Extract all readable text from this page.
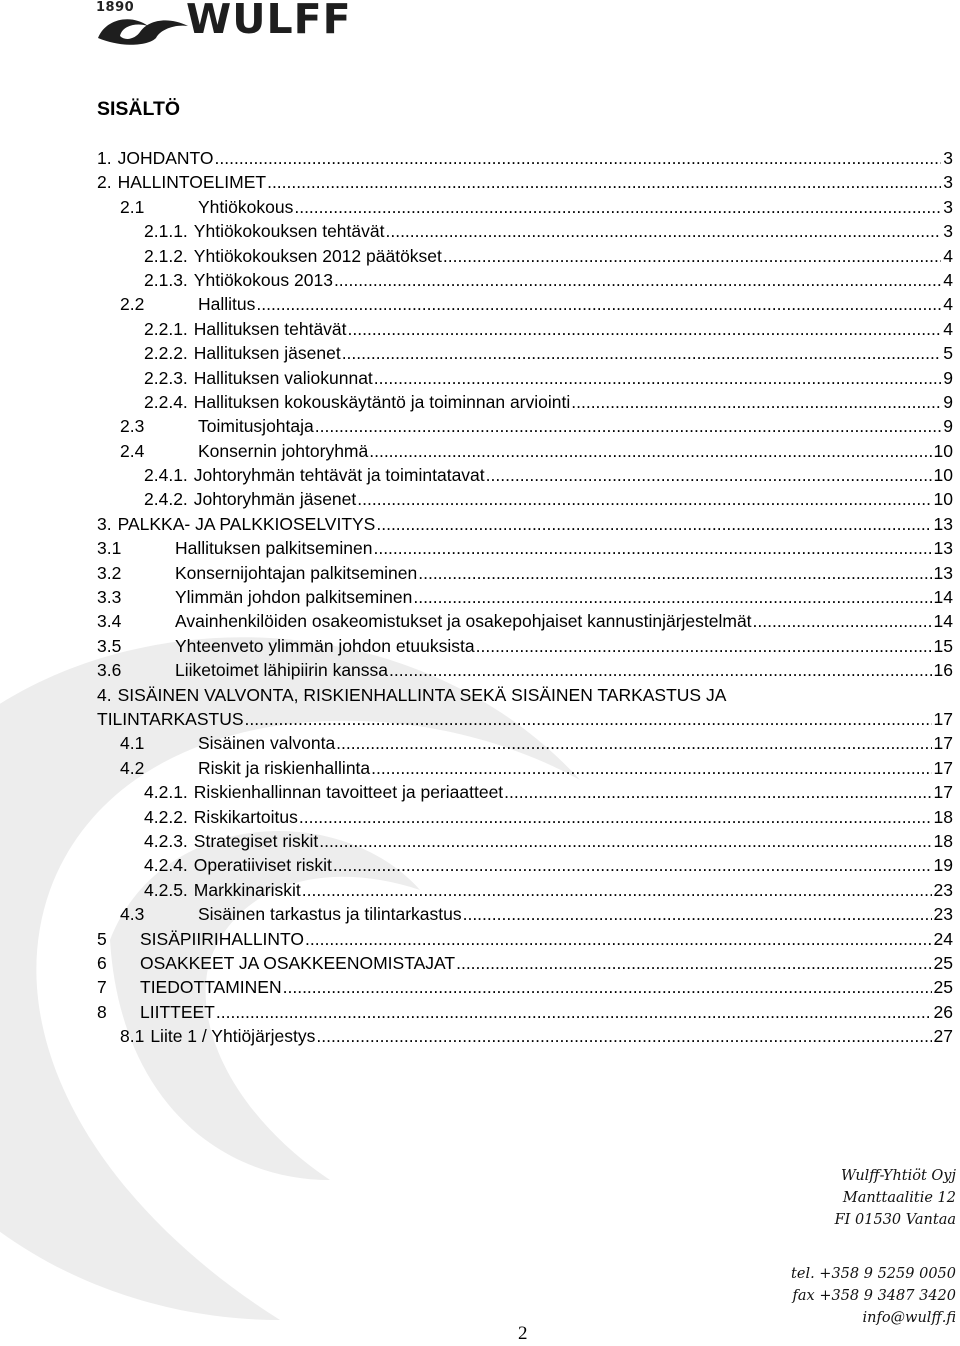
1890 WULFF
SISÄLTÖ
1. JOHDANTO .....	3
2. HALLINTOELIMET .....	3
2.1	Yhtiökokous .....	3
2.1.1. Yhtiökokouksen tehtävät .....	3
2.1.2. Yhtiökokouksen 2012 päätökset .....	4
2.1.3. Yhtiökokous 2013 .....	4
2.2	Hallitus .....	4
2.2.1. Hallituksen tehtävät .....	4
2.2.2. Hallituksen jäsenet .....	5
2.2.3. Hallituksen valiokunnat .....	9
2.2.4. Hallituksen kokouskäytäntö ja toiminnan arviointi .....	9
2.3	Toimitusjohtaja .....	9
2.4	Konsernin johtoryhmä .....	10
2.4.1. Johtoryhmän tehtävät ja toimintatavat .....	10
2.4.2. Johtoryhmän jäsenet .....	10
3. PALKKA- JA PALKKIOSELVITYS .....	13
3.1	Hallituksen palkitseminen .....	13
3.2	Konsernijohtajan palkitseminen .....	13
3.3	Ylimmän johdon palkitseminen .....	14
3.4	Avainhenkilöiden osakeomistukset ja osakepohjaiset kannustinjärjestelmät .....	14
3.5	Yhteenveto ylimmän johdon etuuksista .....	15
3.6	Liiketoimet lähipiirin kanssa .....	16
4. SISÄINEN VALVONTA, RISKIENHALLINTA SEKÄ SISÄINEN TARKASTUS JA
TILINTARKASTUS .....	17
4.1	Sisäinen valvonta .....	17
4.2	Riskit ja riskienhallinta .....	17
4.2.1. Riskienhallinnan tavoitteet ja periaatteet .....	17
4.2.2. Riskikartoitus .....	18
4.2.3. Strategiset riskit .....	18
4.2.4. Operatiiviset riskit .....	19
4.2.5. Markkinariskit .....	23
4.3	Sisäinen tarkastus ja tilintarkastus .....	23
5	SISÄPIIRIHALLINTO .....	24
6	OSAKKEET JA OSAKKEENOMISTAJAT .....	25
7	TIEDOTTAMINEN .....	25
8	LIITTEET .....	26
8.1 Liite 1 / Yhtiöjärjestys .....	27
Wulff-Yhtiöt Oyj
Manttaalitie 12
FI 01530 Vantaa
tel. +358 9 5259 0050
fax +358 9 3487 3420
info@wulff.fi
2
